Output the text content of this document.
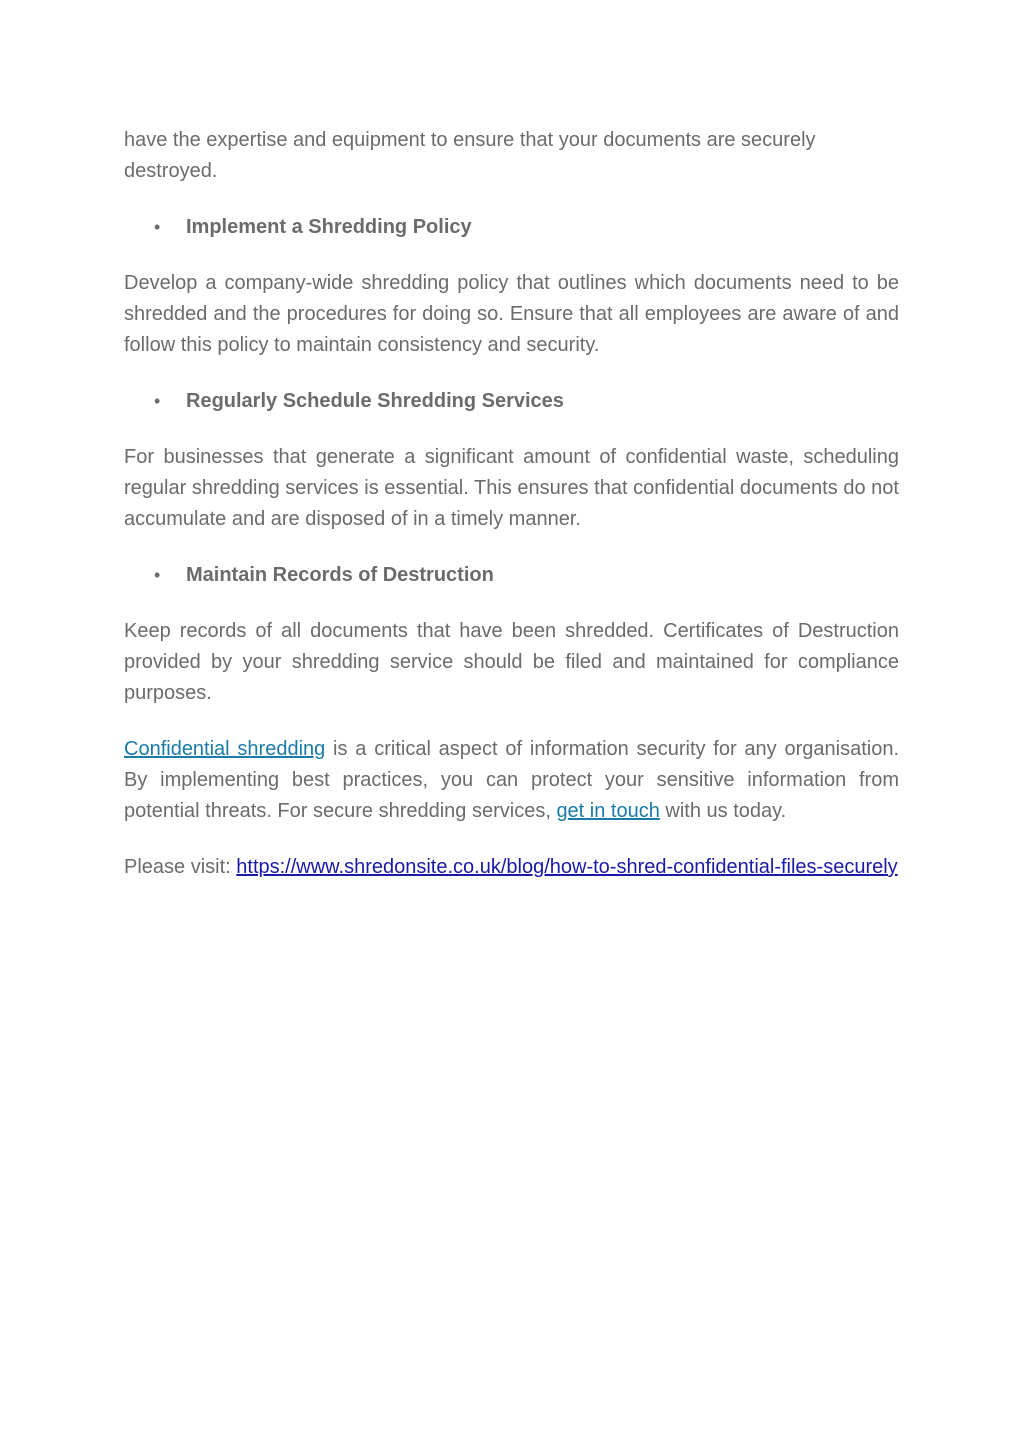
have the expertise and equipment to ensure that your documents are securely destroyed.

• Implement a Shredding Policy

Develop a company-wide shredding policy that outlines which documents need to be shredded and the procedures for doing so. Ensure that all employees are aware of and follow this policy to maintain consistency and security.

• Regularly Schedule Shredding Services

For businesses that generate a significant amount of confidential waste, scheduling regular shredding services is essential. This ensures that confidential documents do not accumulate and are disposed of in a timely manner.

• Maintain Records of Destruction

Keep records of all documents that have been shredded. Certificates of Destruction provided by your shredding service should be filed and maintained for compliance purposes.

Confidential shredding is a critical aspect of information security for any organisation. By implementing best practices, you can protect your sensitive information from potential threats. For secure shredding services, get in touch with us today.

Please visit: https://www.shredonsite.co.uk/blog/how-to-shred-confidential-files-securely
